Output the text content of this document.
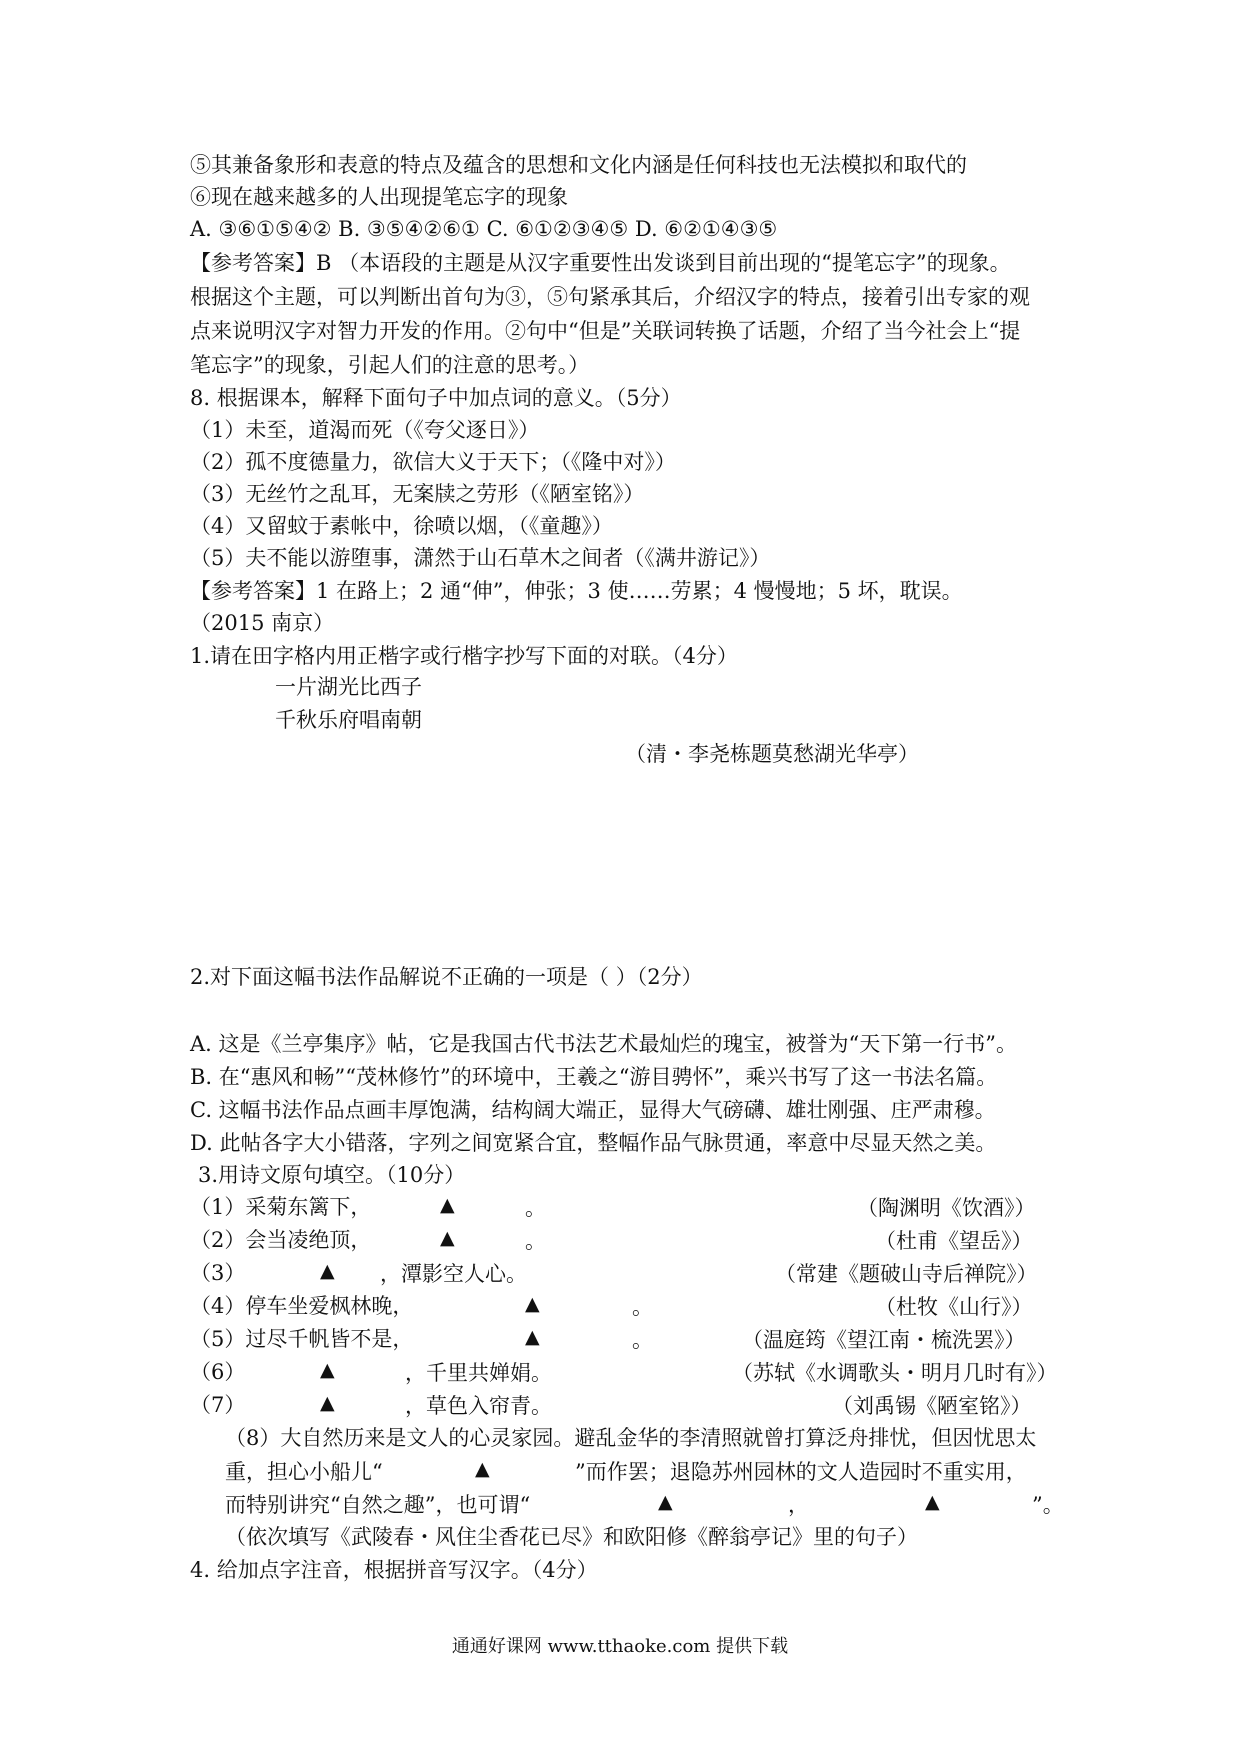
⑤其兼备象形和表意的特点及蕴含的思想和文化内涵是任何科技也无法模拟和取代的
⑥现在越来越多的人出现提笔忘字的现象
A. ③⑥①⑤④② B. ③⑤④②⑥① C. ⑥①②③④⑤ D. ⑥②①④③⑤
【参考答案】B （本语段的主题是从汉字重要性出发谈到目前出现的“提笔忘字”的现象。
根据这个主题，可以判断出首句为③，⑤句紧承其后，介绍汉字的特点，接着引出专家的观
点来说明汉字对智力开发的作用。②句中“但是”关联词转换了话题，介绍了当今社会上“提
笔忘字”的现象，引起人们的注意的思考。）
8. 根据课本，解释下面句子中加点词的意义。（5分）
（1）未至，道渴而死（《夸父逐日》）
（2）孤不度德量力，欲信大义于天下；（《隆中对》）
（3）无丝竹之乱耳，无案牍之劳形（《陋室铭》）
（4）又留蚊于素帐中，徐喷以烟，（《童趣》）
（5）夫不能以游堕事，潇然于山石草木之间者（《满井游记》）
【参考答案】1 在路上；2 通“伸”，伸张；3 使……劳累；4 慢慢地；5 坏，耽误。
（2015 南京）
1.请在田字格内用正楷字或行楷字抄写下面的对联。（4分）
一片湖光比西子
千秋乐府唱南朝
（清・李尧栋题莫愁湖光华亭）
2.对下面这幅书法作品解说不正确的一项是（ ）（2分）
A. 这是《兰亭集序》帖，它是我国古代书法艺术最灿烂的瑰宝，被誉为“天下第一行书”。
B. 在“惠风和畅”“茂林修竹”的环境中，王羲之“游目骋怀”，乘兴书写了这一书法名篇。
C. 这幅书法作品点画丰厚饱满，结构阔大端正，显得大气磅礴、雄壮刚强、庄严肃穆。
D. 此帖各字大小错落，字列之间宽紧合宜，整幅作品气脉贯通，率意中尽显天然之美。
3.用诗文原句填空。（10分）
（1）采菊东篱下，	▲	。	（陶渊明《饮酒》）
（2）会当凌绝顶，	▲	。	（杜甫《望岳》）
（3）	▲ ，潭影空人心。	（常建《题破山寺后禅院》）
（4）停车坐爱枫林晚，	▲	。	（杜牧《山行》）
（5）过尽千帆皆不是，	▲	。	（温庭筠《望江南・梳洗罢》）
（6）	▲	，千里共婵娟。	（苏轼《水调歌头・明月几时有》）
（7）	▲	，草色入帘青。	（刘禹锡《陋室铭》）
（8）大自然历来是文人的心灵家园。避乱金华的李清照就曾打算泛舟排忧，但因忧思太
重，担心小船儿“	▲	”而作罢；退隐苏州园林的文人造园时不重实用，
而特别讲究“自然之趣”，也可谓“	▲	，	▲	”。
（依次填写《武陵春・风住尘香花已尽》和欧阳修《醉翁亭记》里的句子）
4. 给加点字注音，根据拼音写汉字。（4分）
通通好课网 www.tthaoke.com 提供下载
